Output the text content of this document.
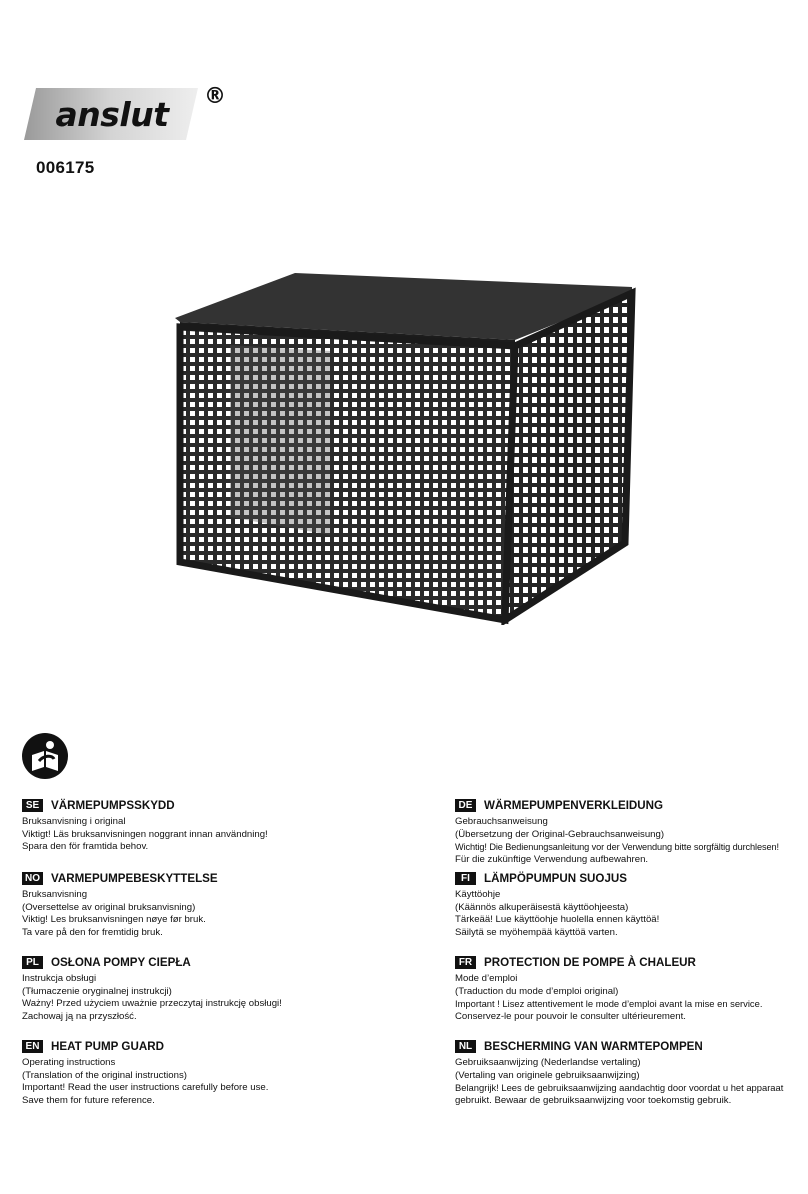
anslut ®
006175
SE	VÄRMEPUMPSSKYDD
Bruksanvisning i original
Viktigt! Läs bruksanvisningen noggrant innan användning!
Spara den för framtida behov.
NO VARMEPUMPEBESKYTTELSE
Bruksanvisning
(Oversettelse av original bruksanvisning)
Viktig! Les bruksanvisningen nøye før bruk.
Ta vare på den for fremtidig bruk.
PL	OSŁONA POMPY CIEPŁA
Instrukcja obsługi
(Tłumaczenie oryginalnej instrukcji)
Ważny! Przed użyciem uważnie przeczytaj instrukcję obsługi!
Zachowaj ją na przyszłość.
EN HEAT PUMP GUARD
Operating instructions
(Translation of the original instructions)
Important! Read the user instructions carefully before use.
Save them for future reference.
DE WÄRMEPUMPENVERKLEIDUNG
Gebrauchsanweisung
(Übersetzung der Original-Gebrauchsanweisung)
Wichtig! Die Bedienungsanleitung vor der Verwendung bitte sorgfältig durchlesen!
Für die zukünftige Verwendung aufbewahren.
FI	LÄMPÖPUMPUN SUOJUS
Käyttöohje
(Käännös alkuperäisestä käyttöohjeesta)
Tärkeää! Lue käyttöohje huolella ennen käyttöä!
Säilytä se myöhempää käyttöä varten.
FR	PROTECTION DE POMPE À CHALEUR
Mode d’emploi
(Traduction du mode d’emploi original)
Important ! Lisez attentivement le mode d’emploi avant la mise en service.
Conservez-le pour pouvoir le consulter ultérieurement.
NL	BESCHERMING VAN WARMTEPOMPEN
Gebruiksaanwijzing (Nederlandse vertaling)
(Vertaling van originele gebruiksaanwijzing)
Belangrijk! Lees de gebruiksaanwijzing aandachtig door voordat u het apparaat
gebruikt. Bewaar de gebruiksaanwijzing voor toekomstig gebruik.
